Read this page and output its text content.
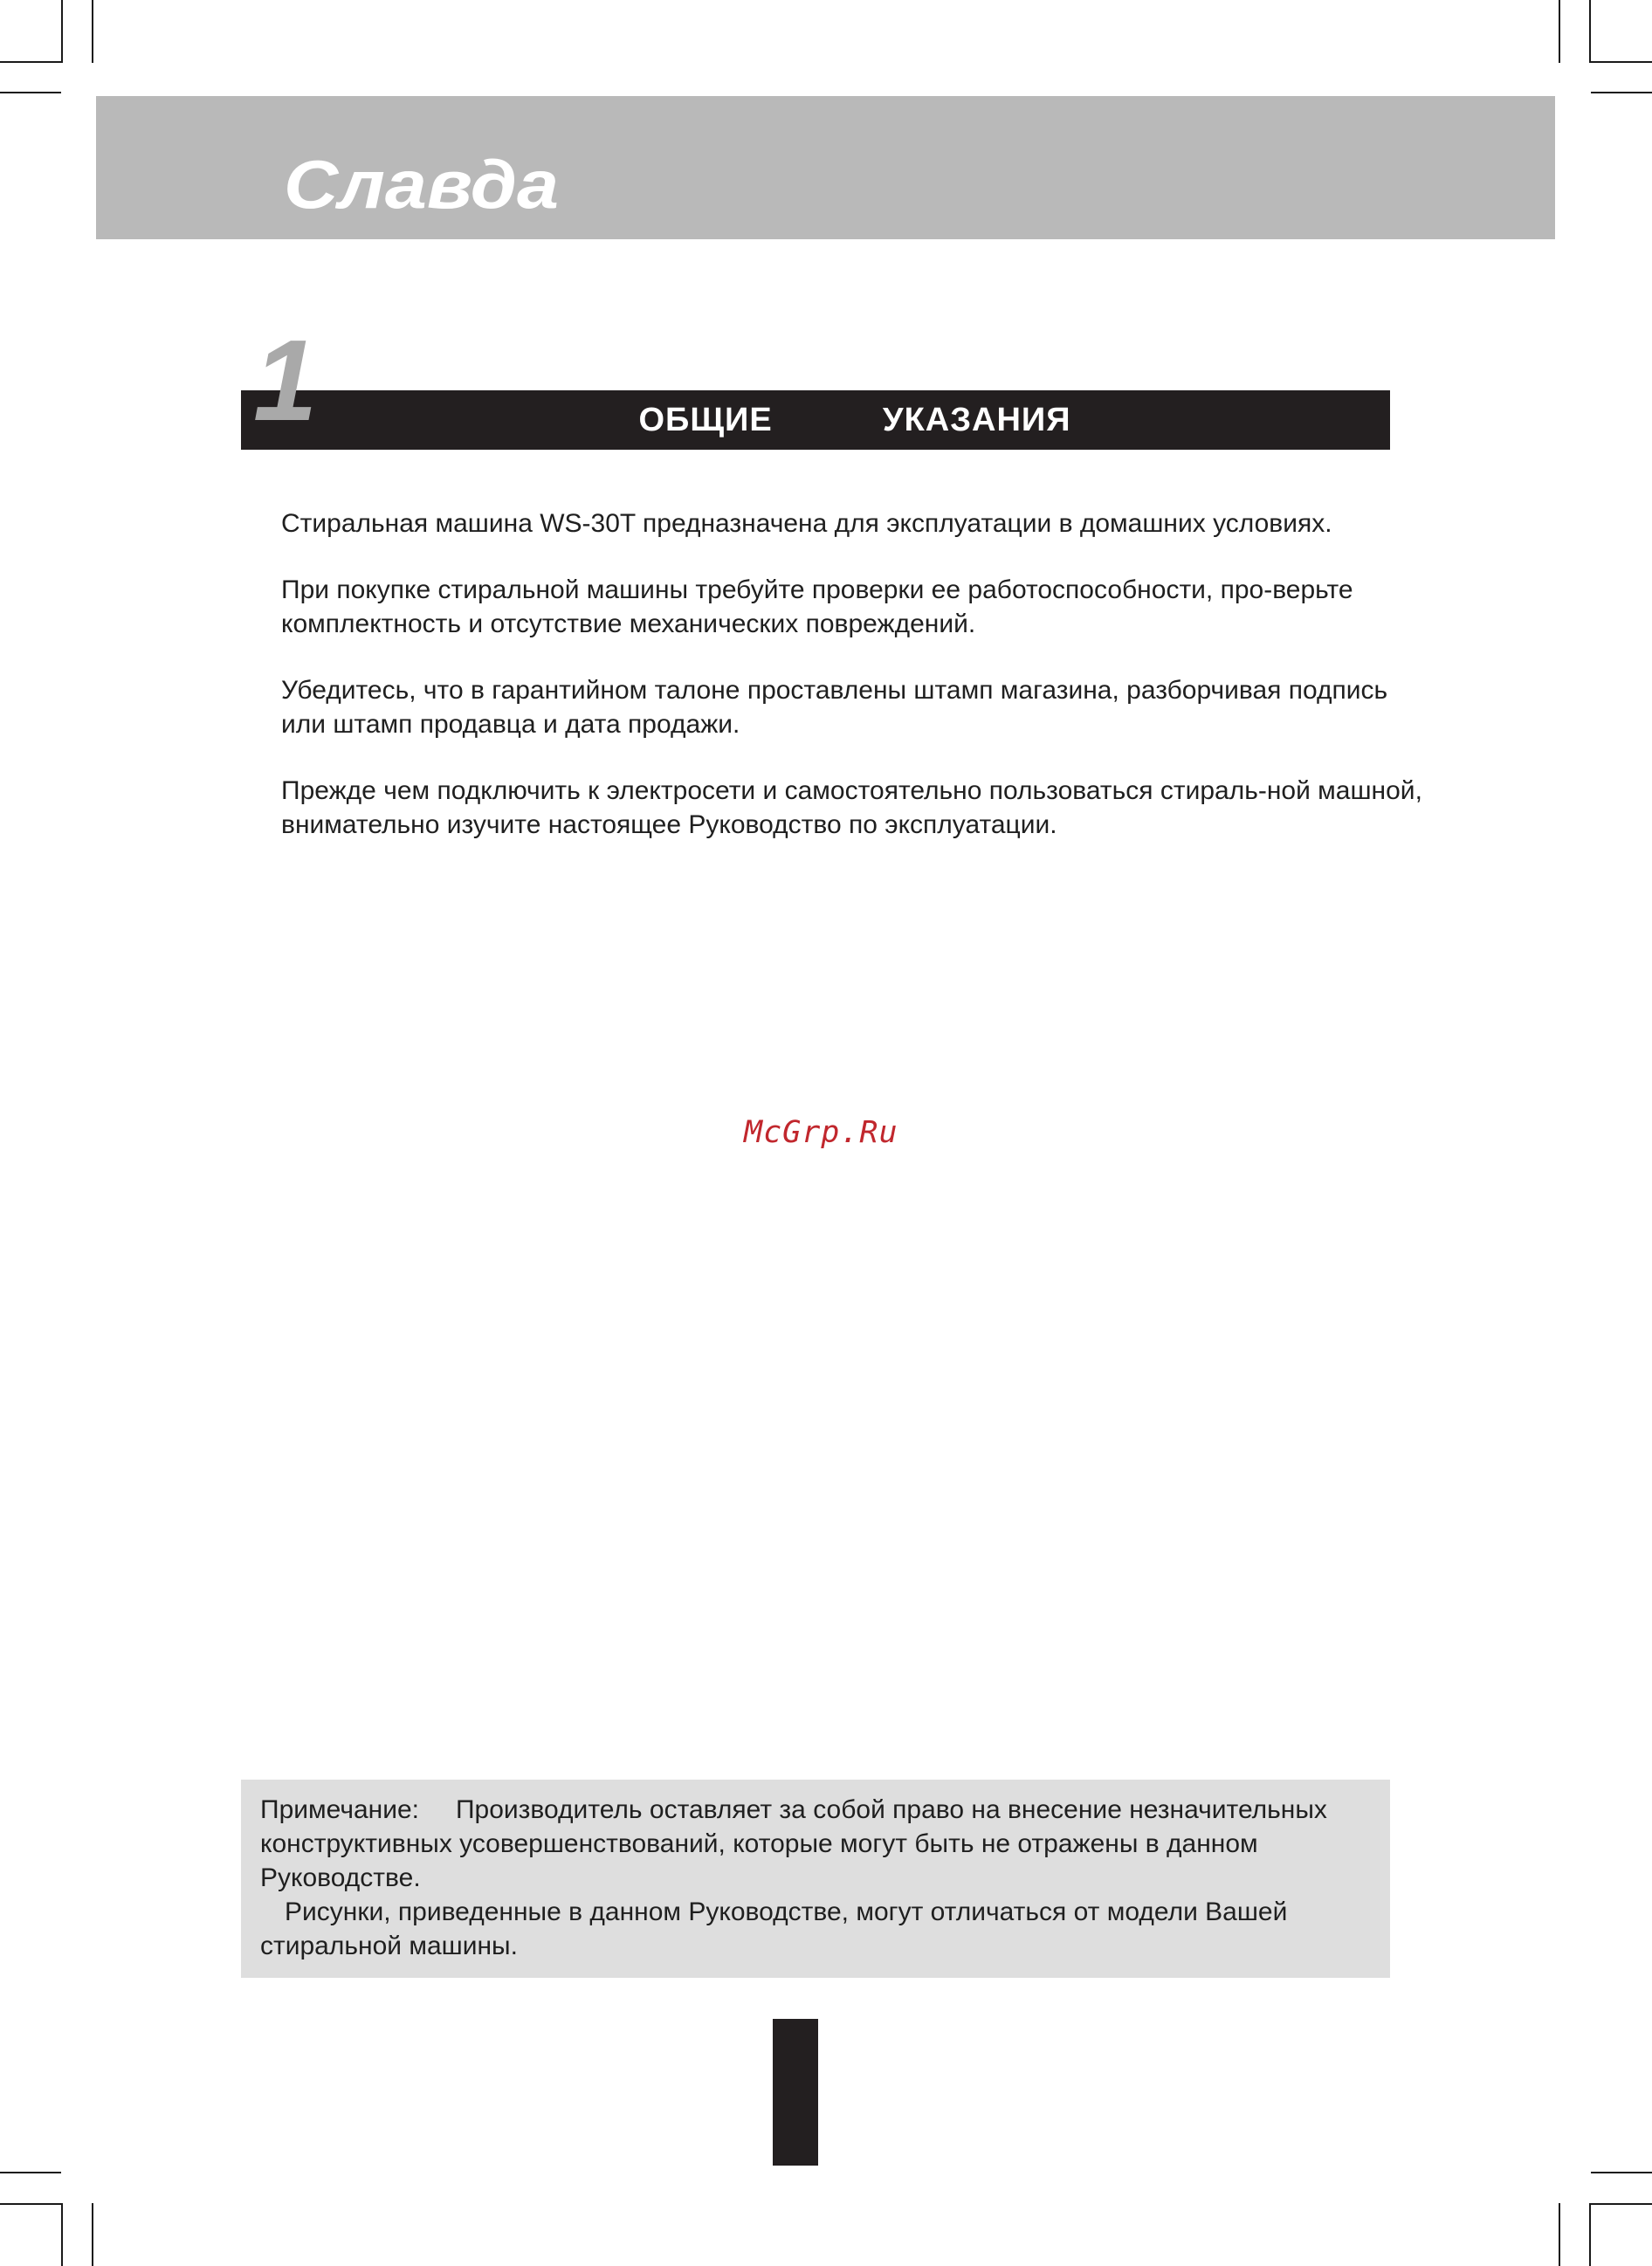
Славда
1	ОБЩИЕ    УКАЗАНИЯ

Стиральная машина WS-30T предназначена для эксплуатации в домашних условиях.

При покупке стиральной машины требуйте проверки ее работоспособности, про-верьте комплектность и отсутствие механических повреждений.

Убедитесь, что в гарантийном талоне проставлены штамп магазина, разборчивая подпись или штамп продавца и дата продажи.

Прежде чем подключить к электросети и самостоятельно пользоваться стираль-ной машной, внимательно изучите настоящее Руководство по эксплуатации.

McGrp.Ru

Примечание: Производитель оставляет за собой право на внесение незначительных конструктивных усовершенствований, которые могут быть не отражены в данном Руководстве.

Рисунки, приведенные в данном Руководстве, могут отличаться от модели Вашей стиральной машины.
